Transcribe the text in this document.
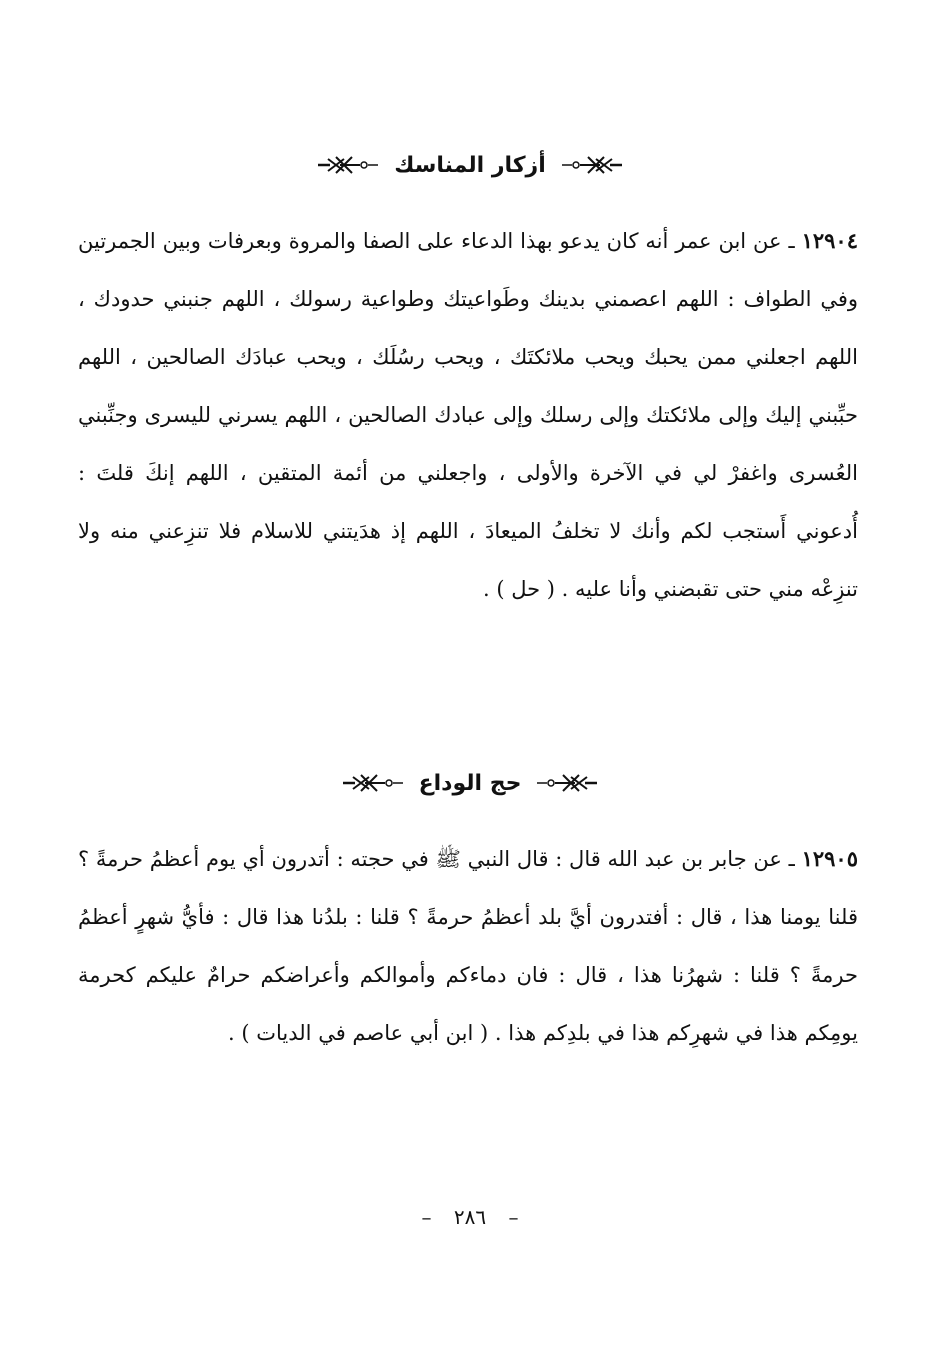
أزكار المناسك

١٢٩٠٤ ـ عن ابن عمر أنه كان يدعو بهذا الدعاء على الصفا والمروة وبعرفات وبين الجمرتين وفي الطواف : اللهم اعصمني بدينك وطَواعيتك وطواعية رسولك ، اللهم جنبني حدودك ، اللهم اجعلني ممن يحبك ويحب ملائكتَك ، ويحب رسُلَك ، ويحب عبادَك الصالحين ، اللهم حبِّبني إليك وإلى ملائكتك وإلى رسلك وإلى عبادك الصالحين ، اللهم يسرني لليسرى وجنِّبني العُسرى واغفرْ لي في الآخرة والأولى ، واجعلني من أئمة المتقين ، اللهم إنكَ قلتَ : أُدعوني أَستجب لكم وأنك لا تخلفُ الميعادَ ، اللهم إذ هدَيتني للاسلام فلا تنزِعني منه ولا تنزِعْه مني حتى تقبضني وأنا عليه . ( حل ) .

حج الوداع

١٢٩٠٥ ـ عن جابر بن عبد الله قال : قال النبي ﷺ في حجته : أتدرون أي يوم أعظمُ حرمةً ؟ قلنا يومنا هذا ، قال : أفتدرون أيَّ بلد أعظمُ حرمةً ؟ قلنا : بلدُنا هذا قال : فأيُّ شهرٍ أعظمُ حرمةً ؟ قلنا : شهرُنا هذا ، قال : فان دماءكم وأموالكم وأعراضكم حرامٌ عليكم كحرمة يومِكم هذا في شهرِكم هذا في بلدِكم هذا . ( ابن أبي عاصم في الديات ) .

– ٢٨٦ –
